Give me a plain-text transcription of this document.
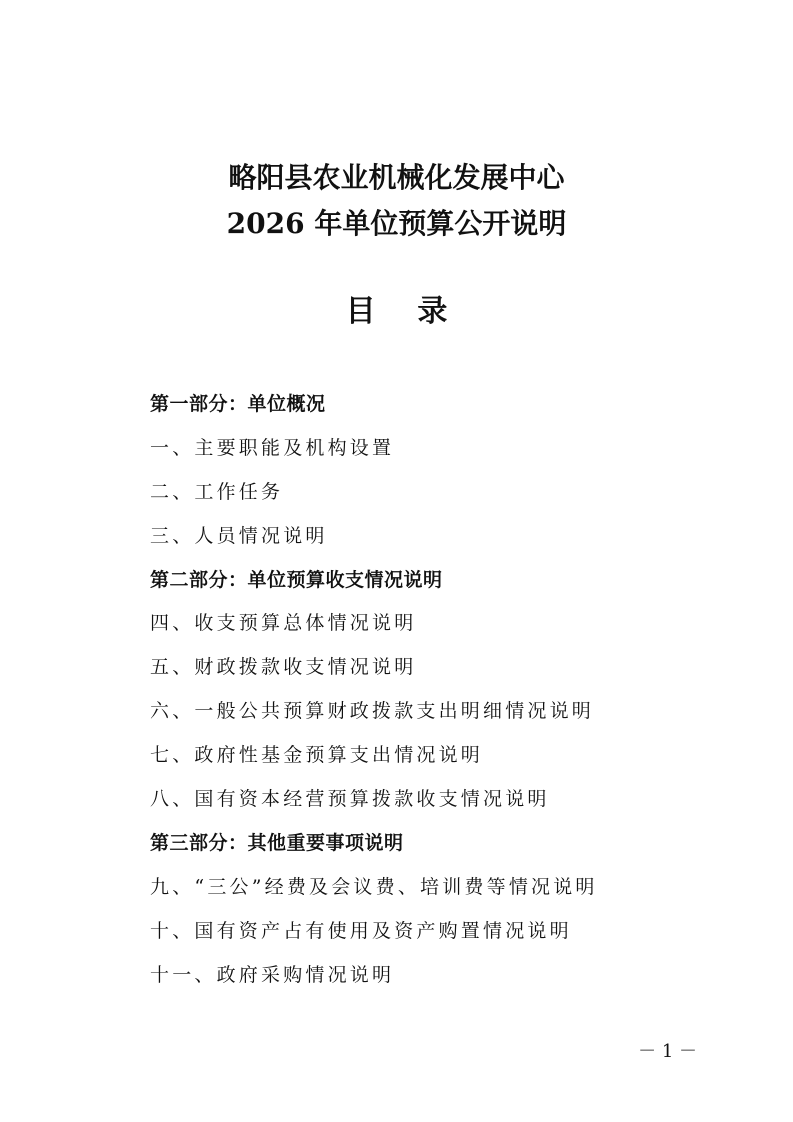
略阳县农业机械化发展中心
2026 年单位预算公开说明
目    录
第一部分：单位概况
一、主要职能及机构设置
二、工作任务
三、人员情况说明
第二部分：单位预算收支情况说明
四、收支预算总体情况说明
五、财政拨款收支情况说明
六、一般公共预算财政拨款支出明细情况说明
七、政府性基金预算支出情况说明
八、国有资本经营预算拨款收支情况说明
第三部分：其他重要事项说明
九、“三公”经费及会议费、培训费等情况说明
十、国有资产占有使用及资产购置情况说明
十一、政府采购情况说明
－ 1 －
